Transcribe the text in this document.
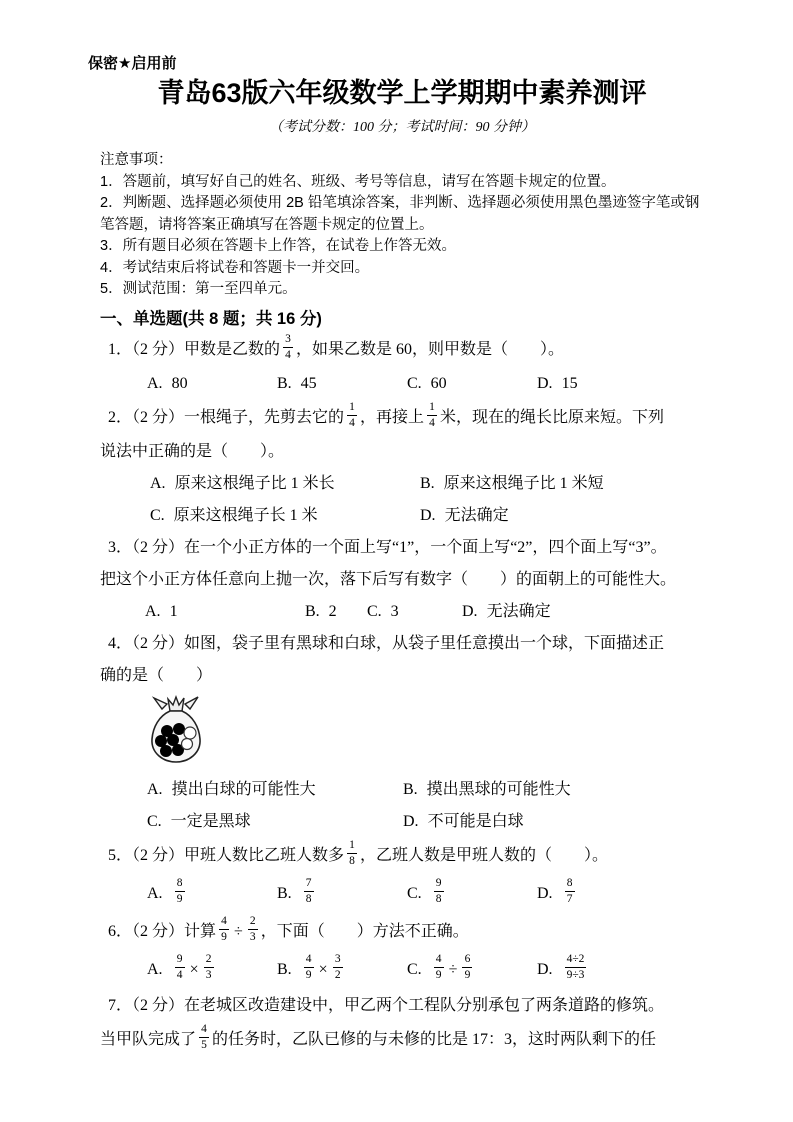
保密★启用前
青岛63版六年级数学上学期期中素养测评
（考试分数：100 分；考试时间：90 分钟）
注意事项：
1．答题前，填写好自己的姓名、班级、考号等信息，请写在答题卡规定的位置。
2．判断题、选择题必须使用 2B 铅笔填涂答案，非判断、选择题必须使用黑色墨迹签字笔或钢笔答题，请将答案正确填写在答题卡规定的位置上。
3．所有题目必须在答题卡上作答，在试卷上作答无效。
4．考试结束后将试卷和答题卡一并交回。
5．测试范围：第一至四单元。
一、单选题(共 8 题；共 16 分)
1．（2 分）甲数是乙数的 $\frac{3}{4}$ ，如果乙数是 60，则甲数是（　　）。
A. 80	B. 45	C. 60	D. 15
2．（2 分）一根绳子，先剪去它的 $\frac{1}{4}$ ，再接上 $\frac{1}{4}$ 米，现在的绳长比原来短。下列
说法中正确的是（　　）。
A. 原来这根绳子比 1 米长	B. 原来这根绳子比 1 米短
C. 原来这根绳子长 1 米	D. 无法确定
3．（2 分）在一个小正方体的一个面上写“1”，一个面上写“2”，四个面上写“3”。
把这个小正方体任意向上抛一次，落下后写有数字（　　）的面朝上的可能性大。
A. 1	B. 2	C. 3	D. 无法确定
4．（2 分）如图，袋子里有黑球和白球，从袋子里任意摸出一个球，下面描述正
确的是（　　）
A. 摸出白球的可能性大	B. 摸出黑球的可能性大
C. 一定是黑球	D. 不可能是白球
5．（2 分）甲班人数比乙班人数多 $\frac{1}{8}$ ，乙班人数是甲班人数的（　　）。
A. $\frac{8}{9}$	B. $\frac{7}{8}$	C. $\frac{9}{8}$	D. $\frac{8}{7}$
6．（2 分）计算 $\frac{4}{9} \div \frac{2}{3}$ ，下面（　　）方法不正确。
A. $\frac{9}{4} \times \frac{2}{3}$	B. $\frac{4}{9} \times \frac{3}{2}$	C. $\frac{4}{9} \div \frac{6}{9}$	D. $\frac{4\div 2}{9\div 3}$
7．（2 分）在老城区改造建设中，甲乙两个工程队分别承包了两条道路的修筑。
当甲队完成了 $\frac{4}{5}$ 的任务时，乙队已修的与未修的比是 17：3，这时两队剩下的任
